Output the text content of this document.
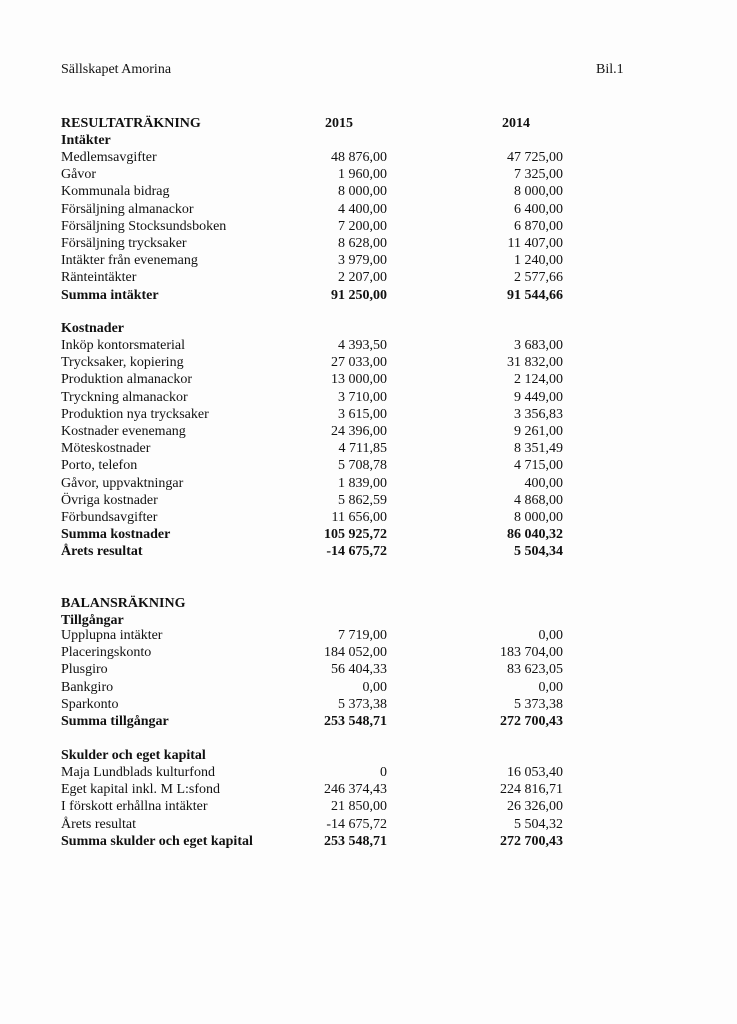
Sällskapet Amorina	Bil.1
RESULTATRÄKNING	2015	2014
Intäkter
Medlemsavgifter	48 876,00	47 725,00
Gåvor	1 960,00	7 325,00
Kommunala bidrag	8 000,00	8 000,00
Försäljning almanackor	4 400,00	6 400,00
Försäljning Stocksundsboken	7 200,00	6 870,00
Försäljning trycksaker	8 628,00	11 407,00
Intäkter från evenemang	3 979,00	1 240,00
Ränteintäkter	2 207,00	2 577,66
Summa intäkter	91 250,00	91 544,66
Kostnader
Inköp kontorsmaterial	4 393,50	3 683,00
Trycksaker, kopiering	27 033,00	31 832,00
Produktion almanackor	13 000,00	2 124,00
Tryckning almanackor	3 710,00	9 449,00
Produktion nya trycksaker	3 615,00	3 356,83
Kostnader evenemang	24 396,00	9 261,00
Möteskostnader	4 711,85	8 351,49
Porto, telefon	5 708,78	4 715,00
Gåvor, uppvaktningar	1 839,00	400,00
Övriga kostnader	5 862,59	4 868,00
Förbundsavgifter	11 656,00	8 000,00
Summa kostnader	105 925,72	86 040,32
Årets resultat	-14 675,72	5 504,34
BALANSRÄKNING
Tillgångar
Upplupna intäkter	7 719,00	0,00
Placeringskonto	184 052,00	183 704,00
Plusgiro	56 404,33	83 623,05
Bankgiro	0,00	0,00
Sparkonto	5 373,38	5 373,38
Summa tillgångar	253 548,71	272 700,43
Skulder och eget kapital
Maja Lundblads kulturfond	0	16 053,40
Eget kapital inkl. M L:sfond	246 374,43	224 816,71
I förskott erhållna intäkter	21 850,00	26 326,00
Årets resultat	-14 675,72	5 504,32
Summa skulder och eget kapital	253 548,71	272 700,43
